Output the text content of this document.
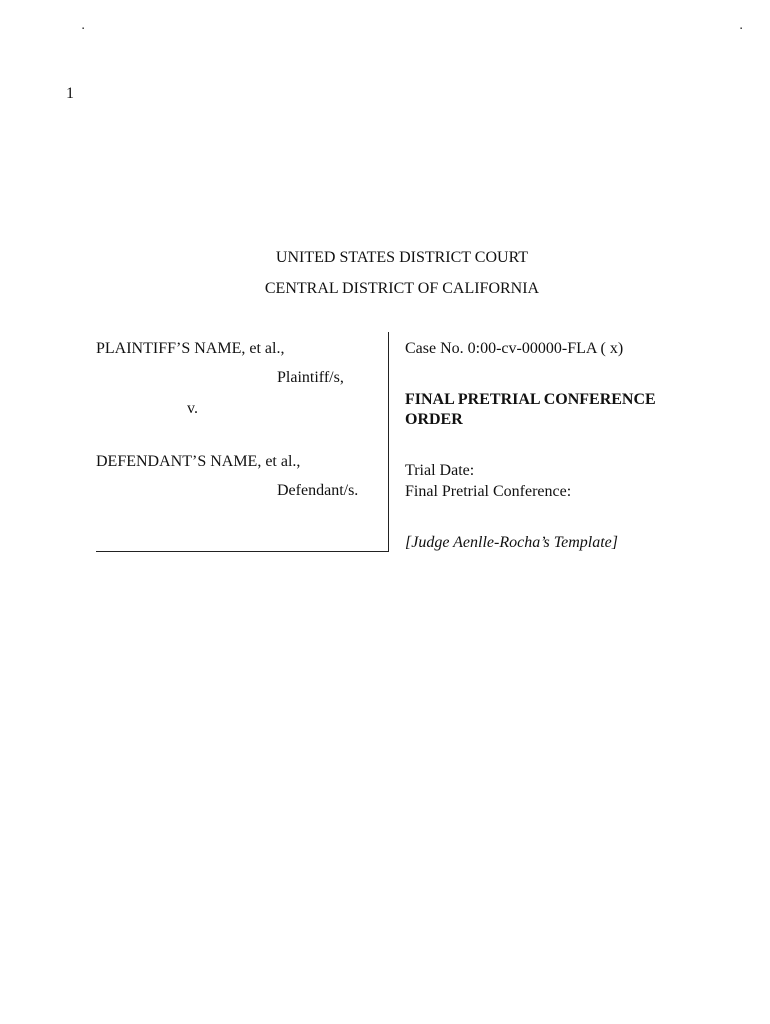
▪	▪
1
UNITED STATES DISTRICT COURT
CENTRAL DISTRICT OF CALIFORNIA
PLAINTIFF’S NAME, et al.,
Plaintiff/s,
v.
DEFENDANT’S NAME, et al.,
Defendant/s.
Case No. 0:00-cv-00000-FLA ( x)
FINAL PRETRIAL CONFERENCE ORDER
Trial Date:
Final Pretrial Conference:
[Judge Aenlle-Rocha’s Template]
